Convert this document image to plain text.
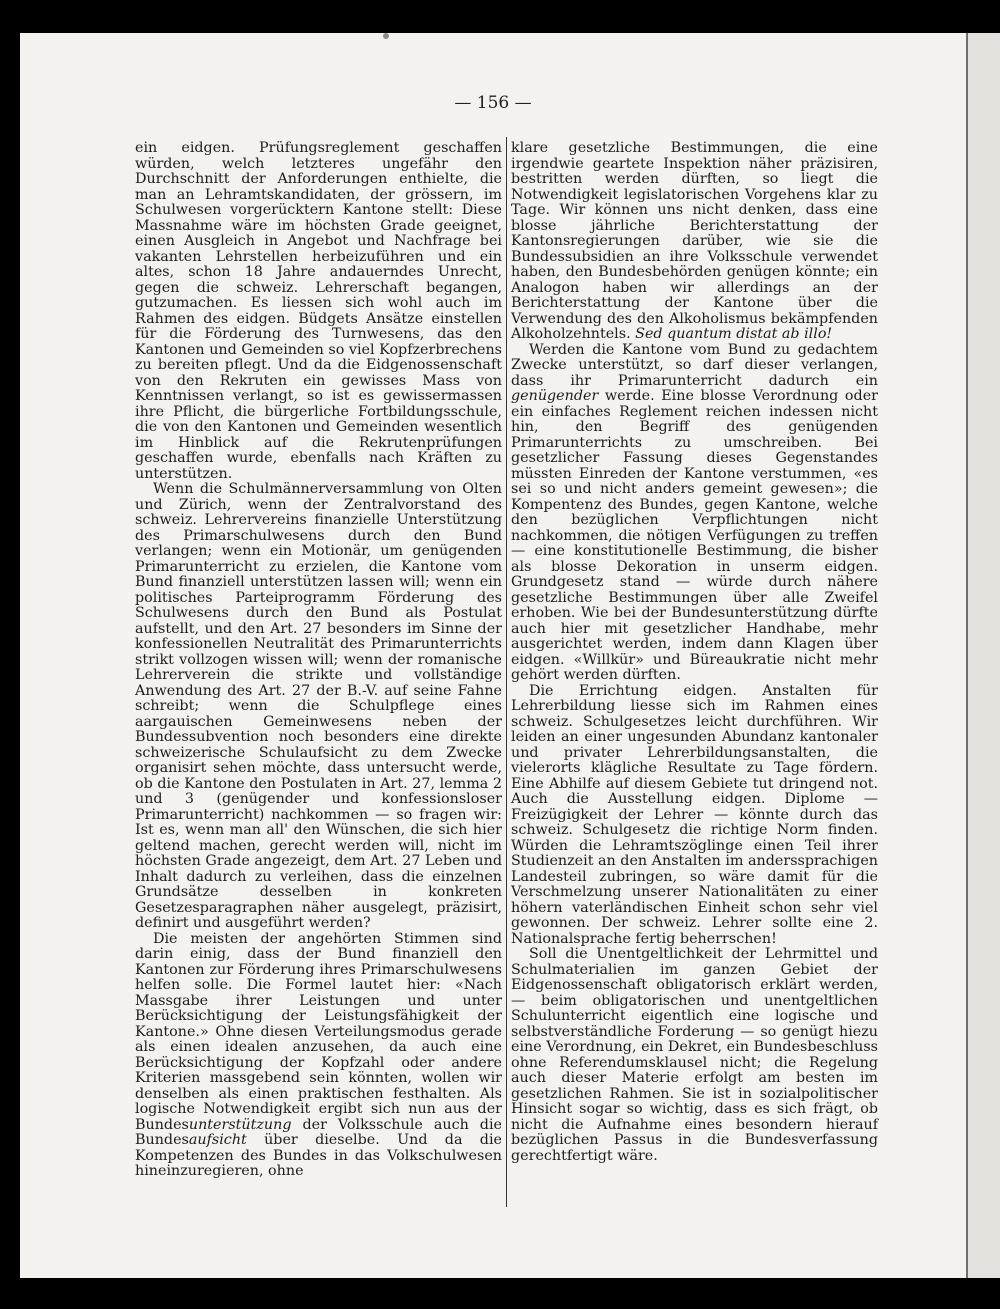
— 156 —

ein eidgen. Prüfungsreglement geschaffen würden, welch letzteres ungefähr den Durchschnitt der Anforderungen enthielte, die man an Lehramtskandidaten, der grössern, im Schulwesen vorgerücktern Kantone stellt: Diese Massnahme wäre im höchsten Grade geeignet, einen Ausgleich in Angebot und Nachfrage bei vakanten Lehrstellen herbeizuführen und ein altes, schon 18 Jahre andauerndes Unrecht, gegen die schweiz. Lehrerschaft begangen, gutzumachen. Es liessen sich wohl auch im Rahmen des eidgen. Büdgets Ansätze einstellen für die Förderung des Turnwesens, das den Kantonen und Gemeinden so viel Kopfzerbrechens zu bereiten pflegt. Und da die Eidgenossenschaft von den Rekruten ein gewisses Mass von Kenntnissen verlangt, so ist es gewissermassen ihre Pflicht, die bürgerliche Fortbildungsschule, die von den Kantonen und Gemeinden wesentlich im Hinblick auf die Rekrutenprüfungen geschaffen wurde, ebenfalls nach Kräften zu unterstützen.

Wenn die Schulmännerversammlung von Olten und Zürich, wenn der Zentralvorstand des schweiz. Lehrervereins finanzielle Unterstützung des Primarschulwesens durch den Bund verlangen; wenn ein Motionär, um genügenden Primarunterricht zu erzielen, die Kantone vom Bund finanziell unterstützen lassen will; wenn ein politisches Parteiprogramm Förderung des Schulwesens durch den Bund als Postulat aufstellt, und den Art. 27 besonders im Sinne der konfessionellen Neutralität des Primarunterrichts strikt vollzogen wissen will; wenn der romanische Lehrerverein die strikte und vollständige Anwendung des Art. 27 der B.-V. auf seine Fahne schreibt; wenn die Schulpflege eines aargauischen Gemeinwesens neben der Bundessubvention noch besonders eine direkte schweizerische Schulaufsicht zu dem Zwecke organisirt sehen möchte, dass untersucht werde, ob die Kantone den Postulaten in Art. 27, lemma 2 und 3 (genügender und konfessionsloser Primarunterricht) nachkommen — so fragen wir: Ist es, wenn man all' den Wünschen, die sich hier geltend machen, gerecht werden will, nicht im höchsten Grade angezeigt, dem Art. 27 Leben und Inhalt dadurch zu verleihen, dass die einzelnen Grundsätze desselben in konkreten Gesetzesparagraphen näher ausgelegt, präzisirt, definirt und ausgeführt werden?

Die meisten der angehörten Stimmen sind darin einig, dass der Bund finanziell den Kantonen zur Förderung ihres Primarschulwesens helfen solle. Die Formel lautet hier: «Nach Massgabe ihrer Leistungen und unter Berücksichtigung der Leistungsfähigkeit der Kantone.» Ohne diesen Verteilungsmodus gerade als einen idealen anzusehen, da auch eine Berücksichtigung der Kopfzahl oder andere Kriterien massgebend sein könnten, wollen wir denselben als einen praktischen festhalten. Als logische Notwendigkeit ergibt sich nun aus der Bundesunterstützung der Volksschule auch die Bundesaufsicht über dieselbe. Und da die Kompetenzen des Bundes in das Volkschulwesen hineinzuregieren, ohne

klare gesetzliche Bestimmungen, die eine irgendwie geartete Inspektion näher präzisiren, bestritten werden dürften, so liegt die Notwendigkeit legislatorischen Vorgehens klar zu Tage. Wir können uns nicht denken, dass eine blosse jährliche Berichterstattung der Kantonsregierungen darüber, wie sie die Bundessubsidien an ihre Volksschule verwendet haben, den Bundesbehörden genügen könnte; ein Analogon haben wir allerdings an der Berichterstattung der Kantone über die Verwendung des den Alkoholismus bekämpfenden Alkoholzehntels. Sed quantum distat ab illo!

Werden die Kantone vom Bund zu gedachtem Zwecke unterstützt, so darf dieser verlangen, dass ihr Primarunterricht dadurch ein genügender werde. Eine blosse Verordnung oder ein einfaches Reglement reichen indessen nicht hin, den Begriff des genügenden Primarunterrichts zu umschreiben. Bei gesetzlicher Fassung dieses Gegenstandes müssten Einreden der Kantone verstummen, «es sei so und nicht anders gemeint gewesen»; die Kompentenz des Bundes, gegen Kantone, welche den bezüglichen Verpflichtungen nicht nachkommen, die nötigen Verfügungen zu treffen — eine konstitutionelle Bestimmung, die bisher als blosse Dekoration in unserm eidgen. Grundgesetz stand — würde durch nähere gesetzliche Bestimmungen über alle Zweifel erhoben. Wie bei der Bundesunterstützung dürfte auch hier mit gesetzlicher Handhabe, mehr ausgerichtet werden, indem dann Klagen über eidgen. «Willkür» und Büreaukratie nicht mehr gehört werden dürften.

Die Errichtung eidgen. Anstalten für Lehrerbildung liesse sich im Rahmen eines schweiz. Schulgesetzes leicht durchführen. Wir leiden an einer ungesunden Abundanz kantonaler und privater Lehrerbildungsanstalten, die vielerorts klägliche Resultate zu Tage fördern. Eine Abhilfe auf diesem Gebiete tut dringend not. Auch die Ausstellung eidgen. Diplome — Freizügigkeit der Lehrer — könnte durch das schweiz. Schulgesetz die richtige Norm finden. Würden die Lehramtszöglinge einen Teil ihrer Studienzeit an den Anstalten im anderssprachigen Landesteil zubringen, so wäre damit für die Verschmelzung unserer Nationalitäten zu einer höhern vaterländischen Einheit schon sehr viel gewonnen. Der schweiz. Lehrer sollte eine 2. Nationalsprache fertig beherrschen!

Soll die Unentgeltlichkeit der Lehrmittel und Schulmaterialien im ganzen Gebiet der Eidgenossenschaft obligatorisch erklärt werden, — beim obligatorischen und unentgeltlichen Schulunterricht eigentlich eine logische und selbstverständliche Forderung — so genügt hiezu eine Verordnung, ein Dekret, ein Bundesbeschluss ohne Referendumsklausel nicht; die Regelung auch dieser Materie erfolgt am besten im gesetzlichen Rahmen. Sie ist in sozialpolitischer Hinsicht sogar so wichtig, dass es sich frägt, ob nicht die Aufnahme eines besondern hierauf bezüglichen Passus in die Bundesverfassung gerechtfertigt wäre.
